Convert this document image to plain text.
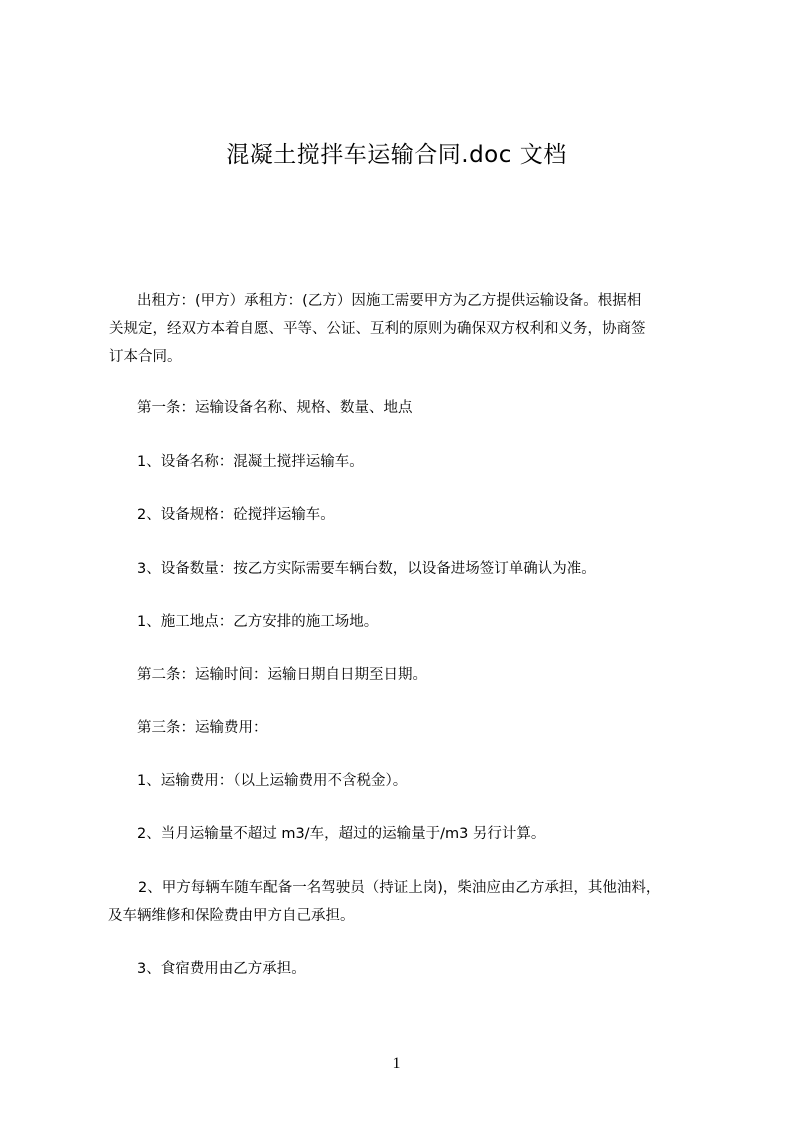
混凝土搅拌车运输合同.doc 文档
出租方：(甲方）承租方：(乙方）因施工需要甲方为乙方提供运输设备。根据相
关规定，经双方本着自愿、平等、公证、互利的原则为确保双方权利和义务，协商签
订本合同。

第一条：运输设备名称、规格、数量、地点

1、设备名称：混凝土搅拌运输车。

2、设备规格：砼搅拌运输车。

3、设备数量：按乙方实际需要车辆台数，以设备进场签订单确认为准。

1、施工地点：乙方安排的施工场地。

第二条：运输时间：运输日期自日期至日期。

第三条：运输费用：

1、运输费用：（以上运输费用不含税金）。

2、当月运输量不超过 m3/车，超过的运输量于/m3 另行计算。

2、甲方每辆车随车配备一名驾驶员（持证上岗)，柴油应由乙方承担，其他油料，
及车辆维修和保险费由甲方自己承担。

3、食宿费用由乙方承担。

1
